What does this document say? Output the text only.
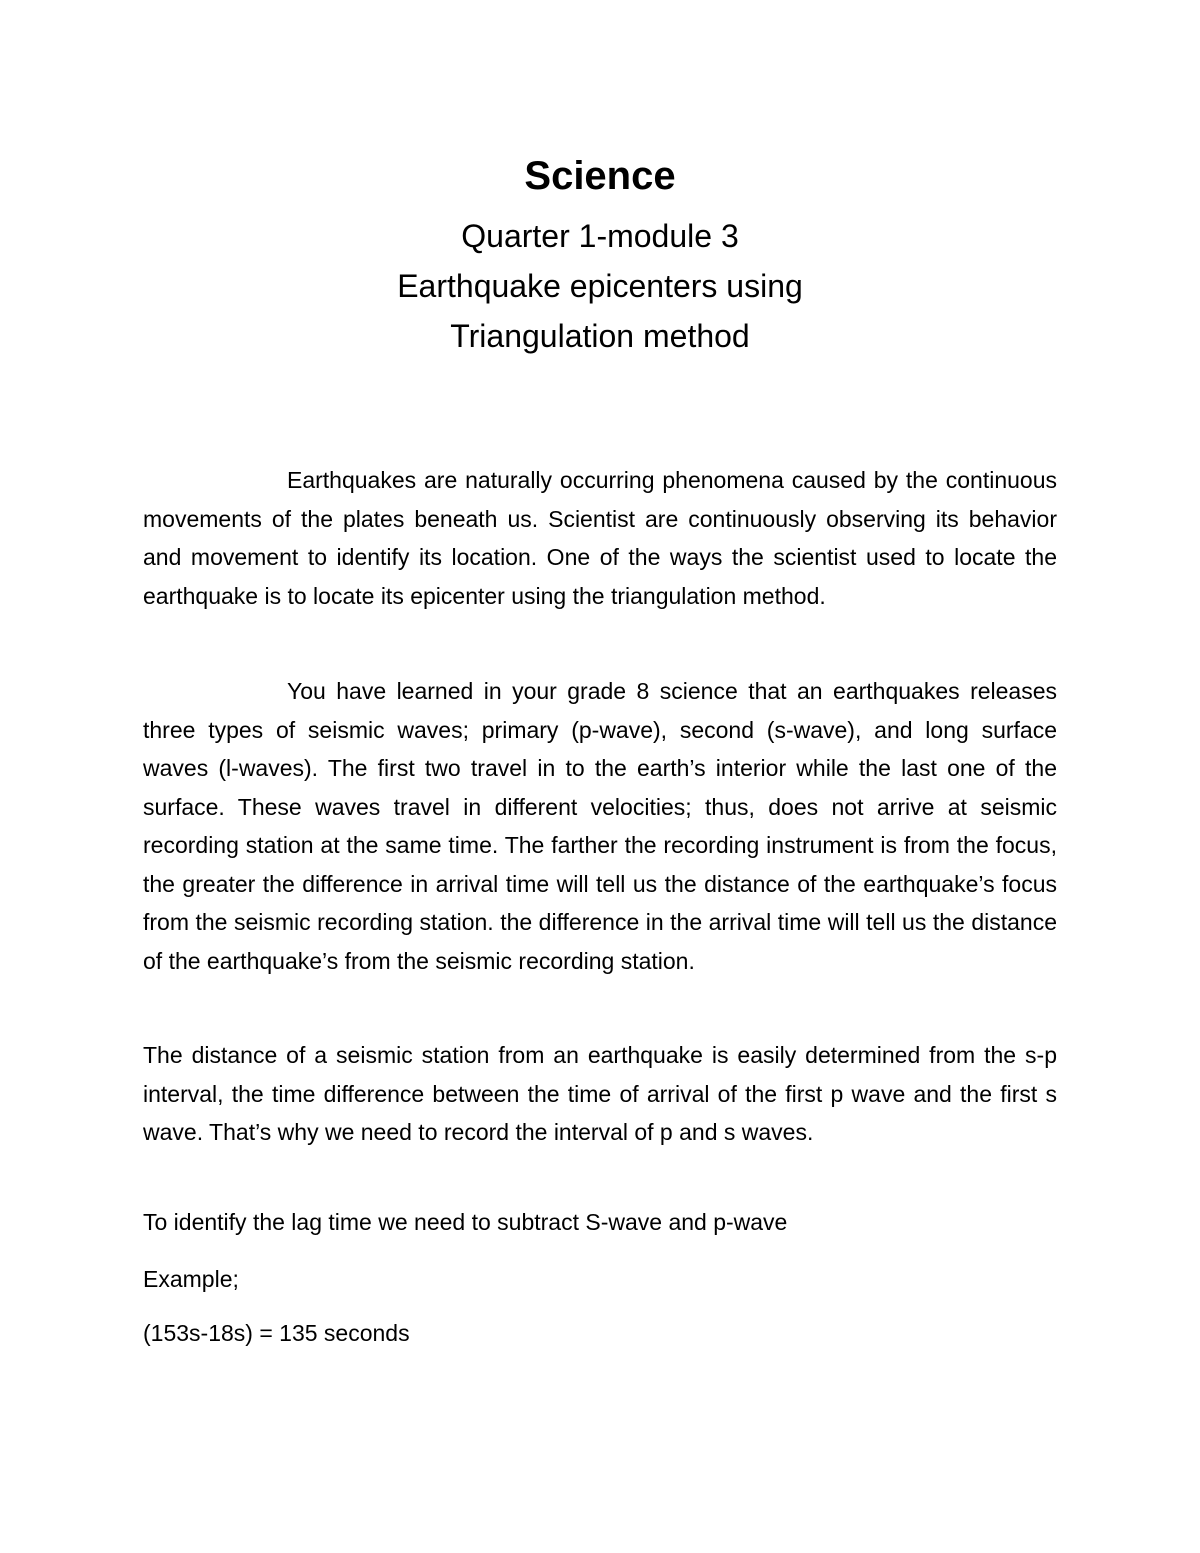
Science
Quarter 1-module 3
Earthquake epicenters using
Triangulation method

Earthquakes are naturally occurring phenomena caused by the continuous movements of the plates beneath us. Scientist are continuously observing its behavior and movement to identify its location. One of the ways the scientist used to locate the earthquake is to locate its epicenter using the triangulation method.

You have learned in your grade 8 science that an earthquakes releases three types of seismic waves; primary (p-wave), second (s-wave), and long surface waves (l-waves). The first two travel in to the earth’s interior while the last one of the surface. These waves travel in different velocities; thus, does not arrive at seismic recording station at the same time. The farther the recording instrument is from the focus, the greater the difference in arrival time will tell us the distance of the earthquake’s focus from the seismic recording station. the difference in the arrival time will tell us the distance of the earthquake’s from the seismic recording station.

The distance of a seismic station from an earthquake is easily determined from the s-p interval, the time difference between the time of arrival of the first p wave and the first s wave. That’s why we need to record the interval of p and s waves.

To identify the lag time we need to subtract S-wave and p-wave

Example;

(153s-18s) = 135 seconds
